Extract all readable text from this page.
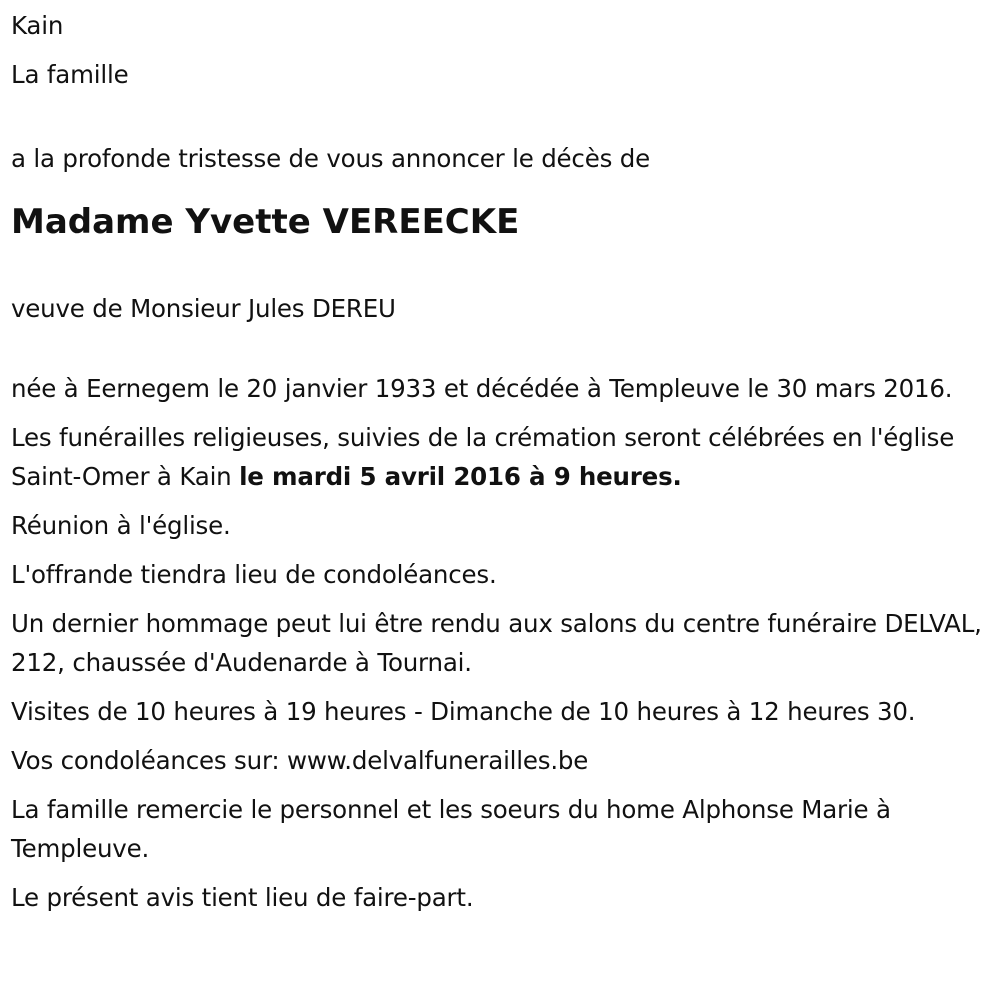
Kain

La famille

a la profonde tristesse de vous annoncer le décès de

Madame Yvette VEREECKE

veuve de Monsieur Jules DEREU

née à Eernegem le 20 janvier 1933 et décédée à Templeuve le 30 mars 2016.

Les funérailles religieuses, suivies de la crémation seront célébrées en l'église Saint-Omer à Kain le mardi 5 avril 2016 à 9 heures.

Réunion à l'église.

L'offrande tiendra lieu de condoléances.

Un dernier hommage peut lui être rendu aux salons du centre funéraire DELVAL, 212, chaussée d'Audenarde à Tournai.

Visites de 10 heures à 19 heures - Dimanche de 10 heures à 12 heures 30.

Vos condoléances sur: www.delvalfunerailles.be

La famille remercie le personnel et les soeurs du home Alphonse Marie à Templeuve.

Le présent avis tient lieu de faire-part.
